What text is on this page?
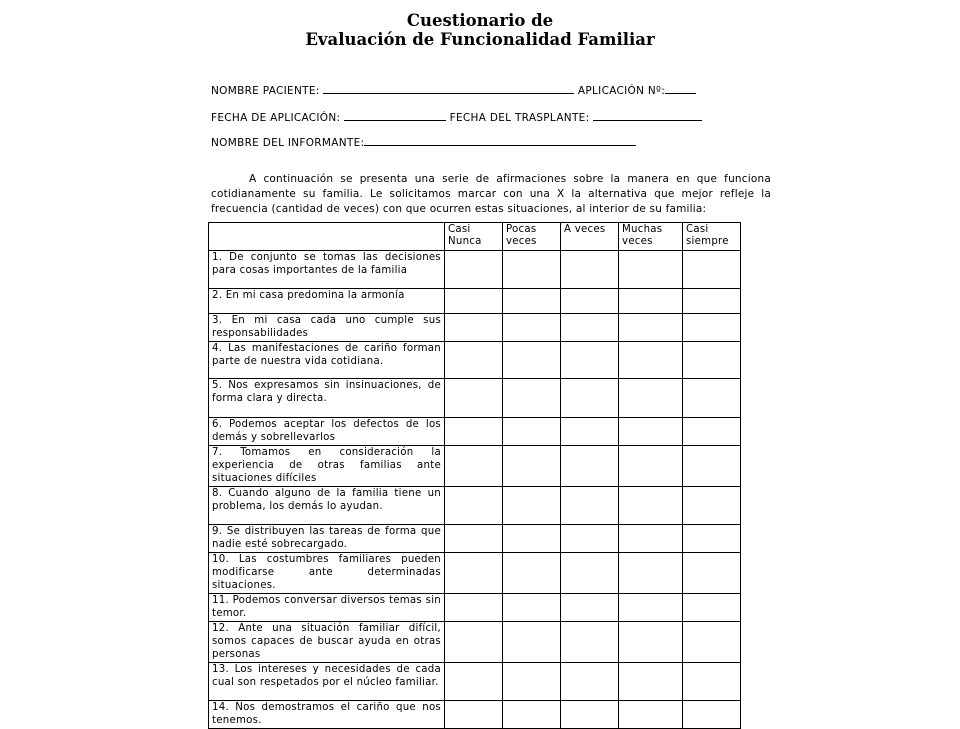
Cuestionario de
Evaluación de Funcionalidad Familiar
NOMBRE PACIENTE:	APLICACIÓN Nº:
FECHA DE APLICACIÓN:	FECHA DEL TRASPLANTE:
NOMBRE DEL INFORMANTE:

A continuación se presenta una serie de afirmaciones sobre la manera en que funciona cotidianamente su familia. Le solicitamos marcar con una X la alternativa que mejor refleje la frecuencia (cantidad de veces) con que ocurren estas situaciones, al interior de su familia:

	Casi Nunca	Pocas veces	A veces	Muchas veces	Casi siempre
1. De conjunto se tomas las decisiones para cosas importantes de la familia					
2. En mi casa predomina la armonía					
3. En mi casa cada uno cumple sus responsabilidades					
4. Las manifestaciones de cariño forman parte de nuestra vida cotidiana.					
5. Nos expresamos sin insinuaciones, de forma clara y directa.					
6. Podemos aceptar los defectos de los demás y sobrellevarlos					
7. Tomamos en consideración la experiencia de otras familias ante situaciones difíciles					
8. Cuando alguno de la familia tiene un problema, los demás lo ayudan.					
9. Se distribuyen las tareas de forma que nadie esté sobrecargado.					
10. Las costumbres familiares pueden modificarse ante determinadas situaciones.					
11. Podemos conversar diversos temas sin temor.					
12. Ante una situación familiar difícil, somos capaces de buscar ayuda en otras personas					
13. Los intereses y necesidades de cada cual son respetados por el núcleo familiar.					
14. Nos demostramos el cariño que nos tenemos.					
